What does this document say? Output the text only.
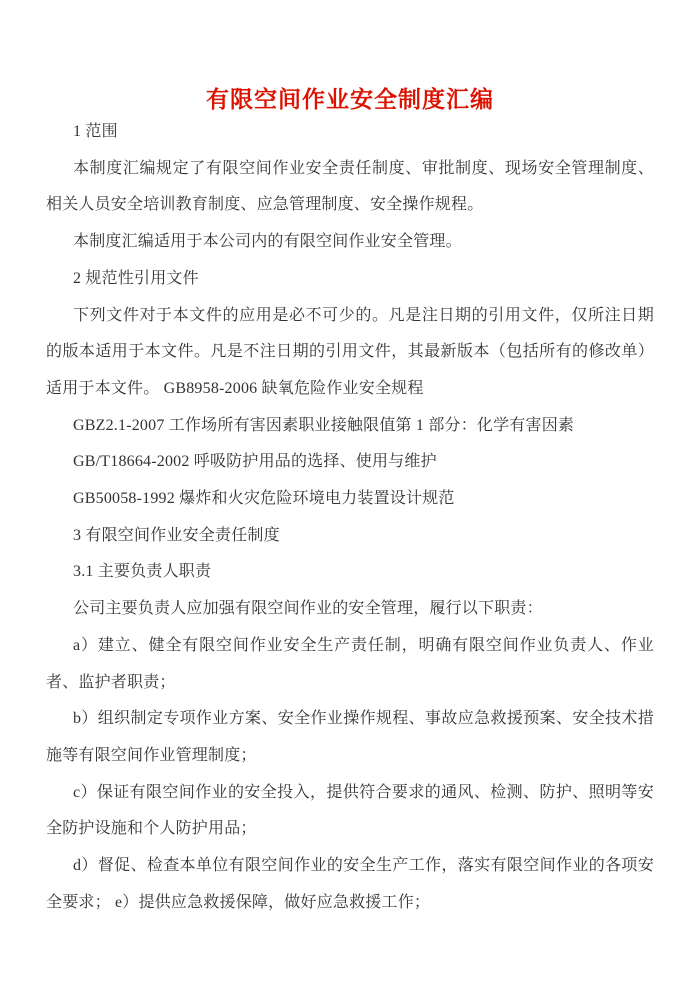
有限空间作业安全制度汇编

1 范围

本制度汇编规定了有限空间作业安全责任制度、审批制度、现场安全管理制度、相关人员安全培训教育制度、应急管理制度、安全操作规程。

本制度汇编适用于本公司内的有限空间作业安全管理。

2 规范性引用文件

下列文件对于本文件的应用是必不可少的。凡是注日期的引用文件，仅所注日期的版本适用于本文件。凡是不注日期的引用文件，其最新版本（包括所有的修改单）适用于本文件。 GB8958-2006 缺氧危险作业安全规程

GBZ2.1-2007 工作场所有害因素职业接触限值第 1 部分：化学有害因素

GB/T18664-2002 呼吸防护用品的选择、使用与维护

GB50058-1992 爆炸和火灾危险环境电力装置设计规范

3 有限空间作业安全责任制度

3.1 主要负责人职责

公司主要负责人应加强有限空间作业的安全管理，履行以下职责：

a）建立、健全有限空间作业安全生产责任制，明确有限空间作业负责人、作业者、监护者职责；

b）组织制定专项作业方案、安全作业操作规程、事故应急救援预案、安全技术措施等有限空间作业管理制度；

c）保证有限空间作业的安全投入，提供符合要求的通风、检测、防护、照明等安全防护设施和个人防护用品；

d）督促、检查本单位有限空间作业的安全生产工作，落实有限空间作业的各项安全要求； e）提供应急救援保障，做好应急救援工作；
